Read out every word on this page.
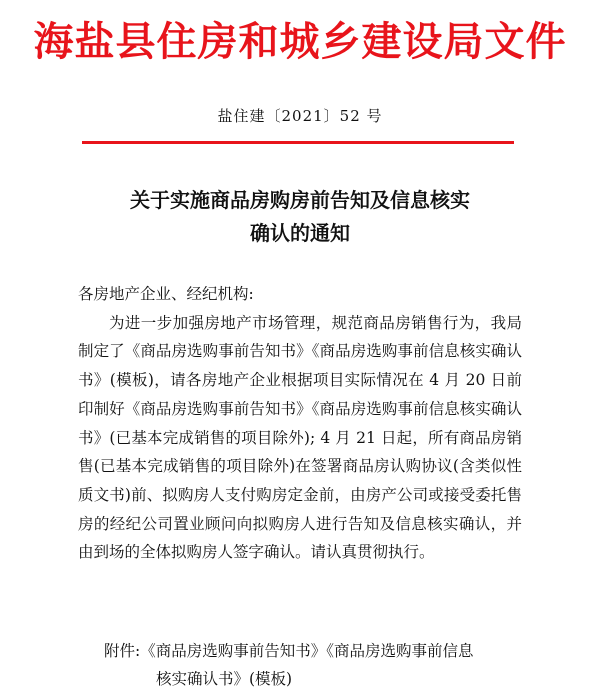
海盐县住房和城乡建设局文件
盐住建〔2021〕52 号
关于实施商品房购房前告知及信息核实
确认的通知

各房地产企业、经纪机构:

为进一步加强房地产市场管理，规范商品房销售行为，我局制定了《商品房选购事前告知书》《商品房选购事前信息核实确认书》(模板)，请各房地产企业根据项目实际情况在 4 月 20 日前印制好《商品房选购事前告知书》《商品房选购事前信息核实确认书》(已基本完成销售的项目除外); 4 月 21 日起，所有商品房销售(已基本完成销售的项目除外)在签署商品房认购协议(含类似性质文书)前、拟购房人支付购房定金前，由房产公司或接受委托售房的经纪公司置业顾问向拟购房人进行告知及信息核实确认，并由到场的全体拟购房人签字确认。请认真贯彻执行。

附件:《商品房选购事前告知书》《商品房选购事前信息
核实确认书》(模板)
